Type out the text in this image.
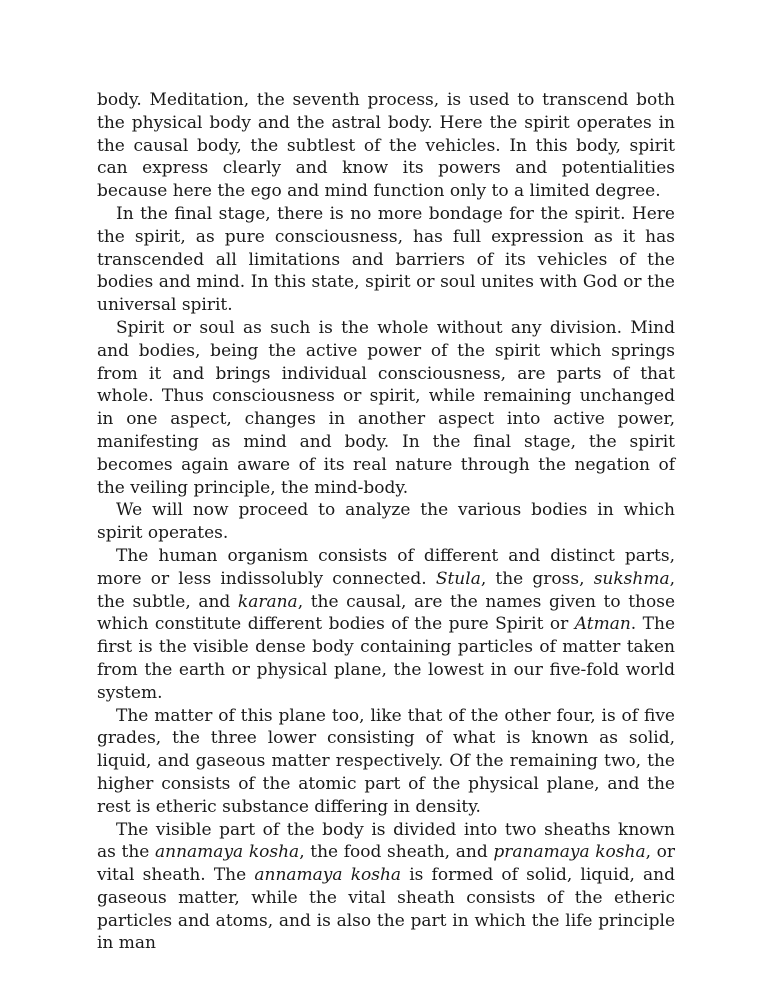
body. Meditation, the seventh process, is used to transcend both the physical body and the astral body. Here the spirit operates in the causal body, the subtlest of the vehicles. In this body, spirit can express clearly and know its powers and potentialities because here the ego and mind function only to a limited degree.

In the final stage, there is no more bondage for the spirit. Here the spirit, as pure consciousness, has full expression as it has transcended all limitations and barriers of its vehicles of the bodies and mind. In this state, spirit or soul unites with God or the universal spirit.

Spirit or soul as such is the whole without any division. Mind and bodies, being the active power of the spirit which springs from it and brings individual consciousness, are parts of that whole. Thus consciousness or spirit, while remaining unchanged in one aspect, changes in another aspect into active power, manifesting as mind and body. In the final stage, the spirit becomes again aware of its real nature through the negation of the veiling principle, the mind-body.

We will now proceed to analyze the various bodies in which spirit operates.

The human organism consists of different and distinct parts, more or less indissolubly connected. Stula, the gross, sukshma, the subtle, and karana, the causal, are the names given to those which constitute different bodies of the pure Spirit or Atman. The first is the visible dense body containing particles of matter taken from the earth or physical plane, the lowest in our five-fold world system.

The matter of this plane too, like that of the other four, is of five grades, the three lower consisting of what is known as solid, liquid, and gaseous matter respectively. Of the remaining two, the higher consists of the atomic part of the physical plane, and the rest is etheric substance differing in density.

The visible part of the body is divided into two sheaths known as the annamaya kosha, the food sheath, and pranamaya kosha, or vital sheath. The annamaya kosha is formed of solid, liquid, and gaseous matter, while the vital sheath consists of the etheric particles and atoms, and is also the part in which the life principle in man
